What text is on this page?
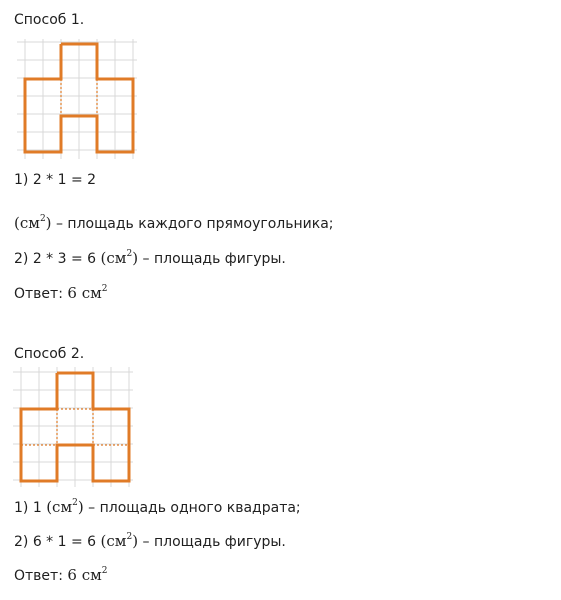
Способ 1.
1) 2 * 1 = 2
$(см^2)$ – площадь каждого прямоугольника;
2) 2 * 3 = 6 $(см^2)$ – площадь фигуры.
Ответ: 6 $см^2$
Способ 2.
1) 1 $(см^2)$ – площадь одного квадрата;
2) 6 * 1 = 6 $(см^2)$ – площадь фигуры.
Ответ: 6 $см^2$
